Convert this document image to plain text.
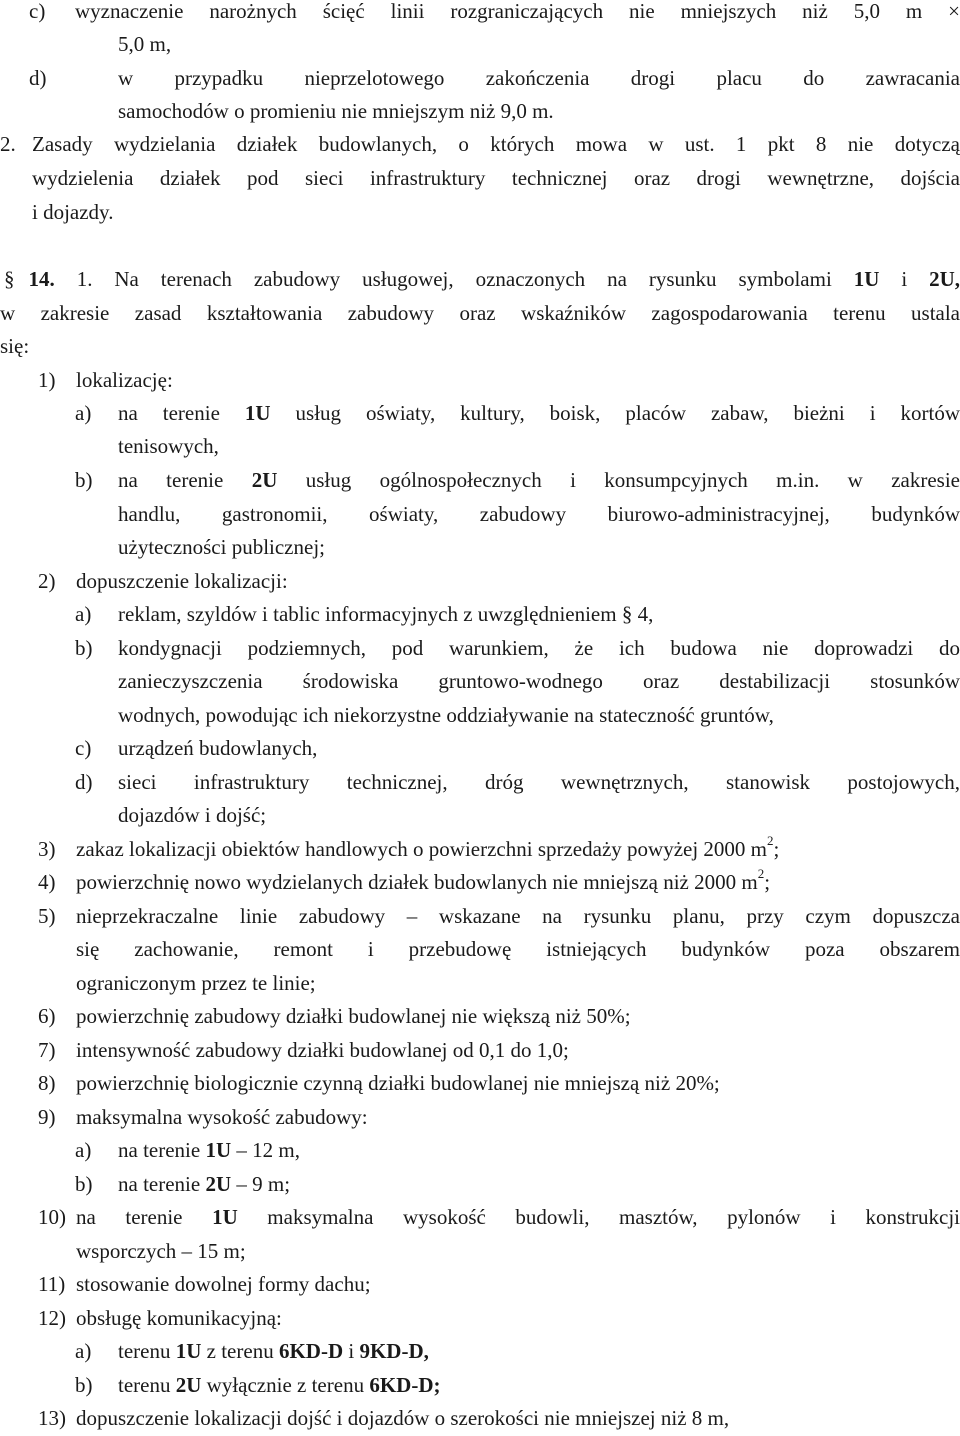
c) wyznaczenie narożnych ścięć linii rozgraniczających nie mniejszych niż 5,0 m ×
5,0 m,
d)	w przypadku nieprzelotowego zakończenia drogi placu do zawracania
samochodów o promieniu nie mniejszym niż 9,0 m.
2. Zasady wydzielania działek budowlanych, o których mowa w ust. 1 pkt 8 nie dotyczą
wydzielenia działek pod sieci infrastruktury technicznej oraz drogi wewnętrzne, dojścia
i dojazdy.
§ 14. 1. Na terenach zabudowy usługowej, oznaczonych na rysunku symbolami 1U i 2U,
w zakresie zasad kształtowania zabudowy oraz wskaźników zagospodarowania terenu ustala
się:
1) lokalizację:
a) na terenie 1U usług oświaty, kultury, boisk, placów zabaw, bieżni i kortów
tenisowych,
b) na terenie 2U usług ogólnospołecznych i konsumpcyjnych m.in. w zakresie
handlu, gastronomii, oświaty, zabudowy biurowo-administracyjnej, budynków
użyteczności publicznej;
2) dopuszczenie lokalizacji:
a) reklam, szyldów i tablic informacyjnych z uwzględnieniem § 4,
b) kondygnacji podziemnych, pod warunkiem, że ich budowa nie doprowadzi do
zanieczyszczenia środowiska gruntowo-wodnego oraz destabilizacji stosunków
wodnych, powodując ich niekorzystne oddziaływanie na stateczność gruntów,
c) urządzeń budowlanych,
d) sieci infrastruktury technicznej, dróg wewnętrznych, stanowisk postojowych,
dojazdów i dojść;
3) zakaz lokalizacji obiektów handlowych o powierzchni sprzedaży powyżej 2000 $m^2$;
4) powierzchnię nowo wydzielanych działek budowlanych nie mniejszą niż 2000 $m^2$;
5) nieprzekraczalne linie zabudowy – wskazane na rysunku planu, przy czym dopuszcza
się zachowanie, remont i przebudowę istniejących budynków poza obszarem
ograniczonym przez te linie;
6) powierzchnię zabudowy działki budowlanej nie większą niż 50%;
7) intensywność zabudowy działki budowlanej od 0,1 do 1,0;
8) powierzchnię biologicznie czynną działki budowlanej nie mniejszą niż 20%;
9) maksymalna wysokość zabudowy:
a) na terenie 1U – 12 m,
b) na terenie 2U – 9 m;
10) na terenie 1U maksymalna wysokość budowli, masztów, pylonów i konstrukcji
wsporczych – 15 m;
11) stosowanie dowolnej formy dachu;
12) obsługę komunikacyjną:
a) terenu 1U z terenu 6KD-D i 9KD-D,
b) terenu 2U wyłącznie z terenu 6KD-D;
13) dopuszczenie lokalizacji dojść i dojazdów o szerokości nie mniejszej niż 8 m,
